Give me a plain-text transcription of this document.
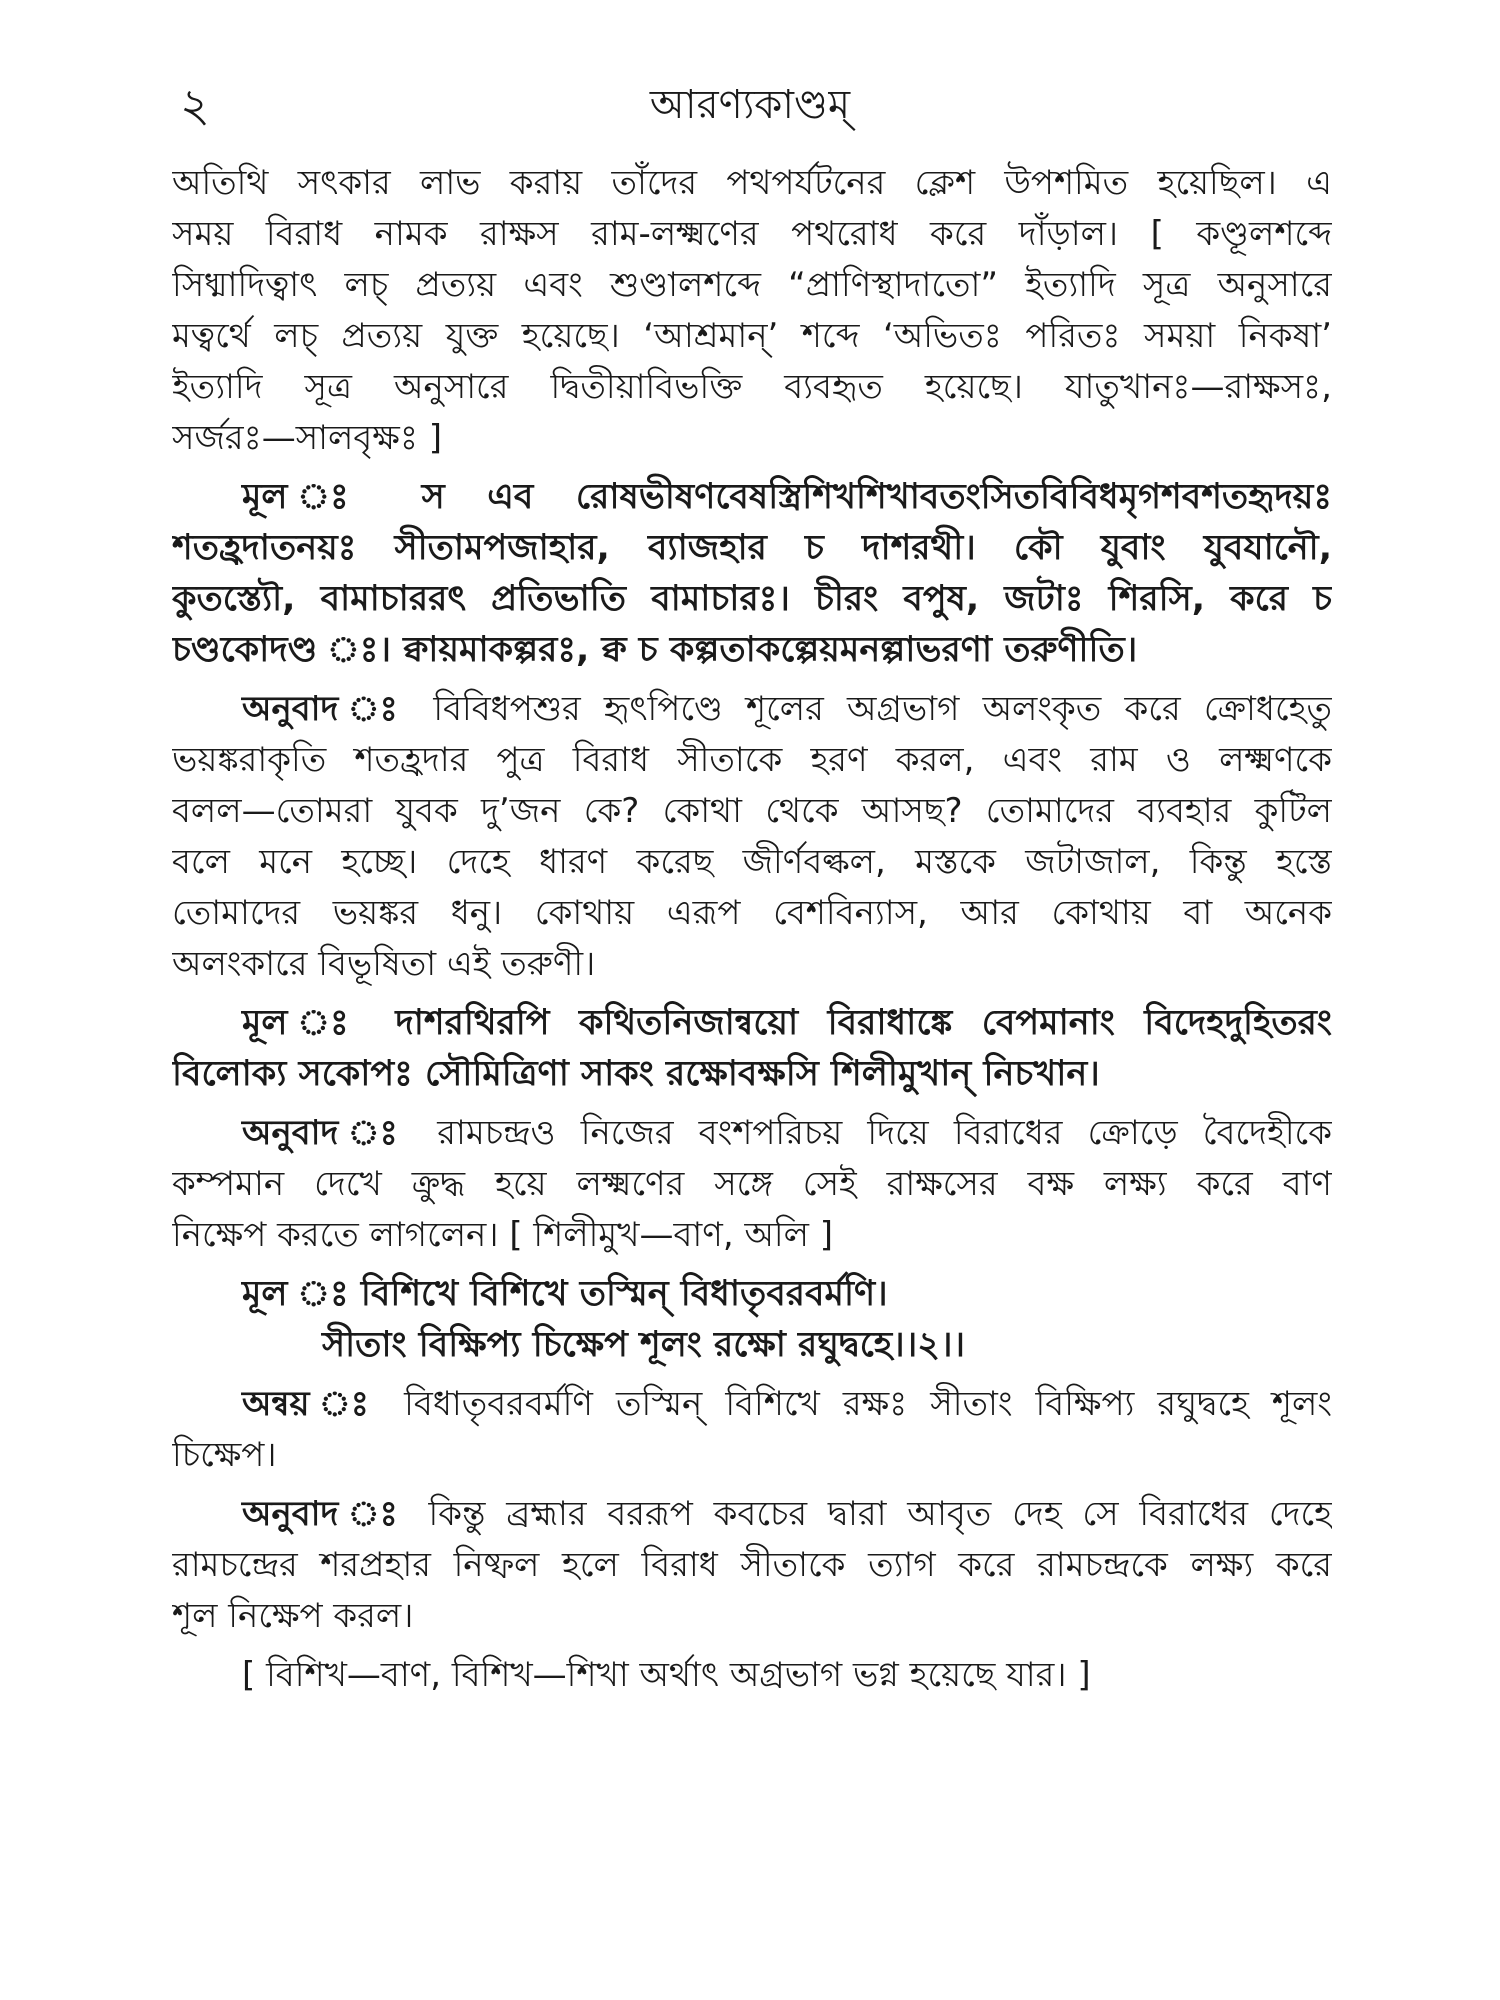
২	আরণ্যকাণ্ডম্
অতিথি সৎকার লাভ করায় তাঁদের পথপর্যটনের ক্লেশ উপশমিত হয়েছিল। এ
সময় বিরাধ নামক রাক্ষস রাম-লক্ষ্মণের পথরোধ করে দাঁড়াল। [ কণ্ডূলশব্দে
সিধ্মাদিত্বাৎ লচ্ প্রত্যয় এবং শুণ্ডালশব্দে “প্রাণিস্থাদাতো” ইত্যাদি সূত্র অনুসারে
মত্বর্থে লচ্ প্রত্যয় যুক্ত হয়েছে। ‘আশ্রমান্’ শব্দে ‘অভিতঃ পরিতঃ সময়া নিকষা’
ইত্যাদি সূত্র অনুসারে দ্বিতীয়াবিভক্তি ব্যবহৃত হয়েছে। যাতুখানঃ—রাক্ষসঃ,
সর্জরঃ—সালবৃক্ষঃ ]
মূল ঃ স এব রোষভীষণবেষস্ত্রিশিখশিখাবতংসিতবিবিধমৃগশবশতহৃদয়ঃ
শতহ্রদাতনয়ঃ সীতামপজাহার, ব্যাজহার চ দাশরথী। কৌ যুবাং যুবযানৌ,
কুতস্ত্যৌ, বামাচাররৎ প্রতিভাতি বামাচারঃ। চীরং বপুষ, জটাঃ শিরসি, করে চ
চণ্ডকোদণ্ড ঃ। ক্বায়মাকল্পরঃ, ক্ব চ কল্পতাকল্পেয়মনল্পাভরণা তরুণীতি।
অনুবাদ ঃ বিবিধপশুর হৃৎপিণ্ডে শূলের অগ্রভাগ অলংকৃত করে ক্রোধহেতু
ভয়ঙ্করাকৃতি শতহ্রদার পুত্র বিরাধ সীতাকে হরণ করল, এবং রাম ও লক্ষ্মণকে
বলল—তোমরা যুবক দু’জন কে? কোথা থেকে আসছ? তোমাদের ব্যবহার কুটিল
বলে মনে হচ্ছে। দেহে ধারণ করেছ জীর্ণবল্কল, মস্তকে জটাজাল, কিন্তু হস্তে
তোমাদের ভয়ঙ্কর ধনু। কোথায় এরূপ বেশবিন্যাস, আর কোথায় বা অনেক
অলংকারে বিভূষিতা এই তরুণী।
মূল ঃ দাশরথিরপি কথিতনিজান্বয়ো বিরাধাঙ্কে বেপমানাং বিদেহদুহিতরং
বিলোক্য সকোপঃ সৌমিত্রিণা সাকং রক্ষোবক্ষসি শিলীমুখান্ নিচখান।
অনুবাদ ঃ রামচন্দ্রও নিজের বংশপরিচয় দিয়ে বিরাধের ক্রোড়ে বৈদেহীকে
কম্পমান দেখে ক্রুদ্ধ হয়ে লক্ষ্মণের সঙ্গে সেই রাক্ষসের বক্ষ লক্ষ্য করে বাণ
নিক্ষেপ করতে লাগলেন। [ শিলীমুখ—বাণ, অলি ]
মূল ঃ বিশিখে বিশিখে তস্মিন্ বিধাতৃবরবর্মণি।
সীতাং বিক্ষিপ্য চিক্ষেপ শূলং রক্ষো রঘুদ্বহে।।২।।
অন্বয় ঃ বিধাতৃবরবর্মণি তস্মিন্ বিশিখে রক্ষঃ সীতাং বিক্ষিপ্য রঘুদ্বহে শূলং
চিক্ষেপ।
অনুবাদ ঃ কিন্তু ব্রহ্মার বররূপ কবচের দ্বারা আবৃত দেহ সে বিরাধের দেহে
রামচন্দ্রের শরপ্রহার নিষ্ফল হলে বিরাধ সীতাকে ত্যাগ করে রামচন্দ্রকে লক্ষ্য করে
শূল নিক্ষেপ করল।
[ বিশিখ—বাণ, বিশিখ—শিখা অর্থাৎ অগ্রভাগ ভগ্ন হয়েছে যার। ]
